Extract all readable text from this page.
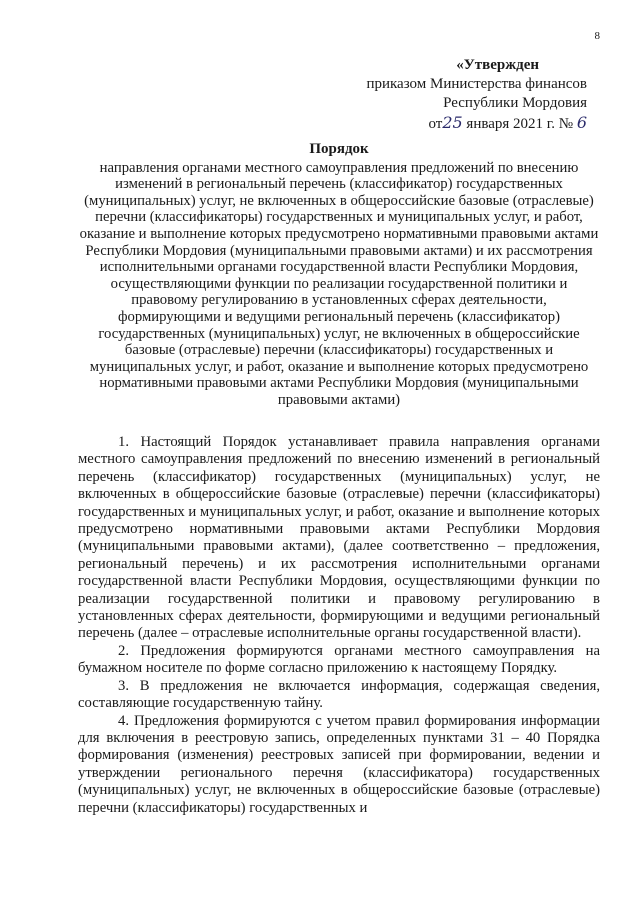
8
«Утвержден
приказом Министерства финансов
Республики Мордовия
от25 января 2021 г. № 6
Порядок
направления органами местного самоуправления предложений по внесению изменений в региональный перечень (классификатор) государственных (муниципальных) услуг, не включенных в общероссийские базовые (отраслевые) перечни (классификаторы) государственных и муниципальных услуг, и работ, оказание и выполнение которых предусмотрено нормативными правовыми актами Республики Мордовия (муниципальными правовыми актами) и их рассмотрения исполнительными органами государственной власти Республики Мордовия, осуществляющими функции по реализации государственной политики и правовому регулированию в установленных сферах деятельности, формирующими и ведущими региональный перечень (классификатор) государственных (муниципальных) услуг, не включенных в общероссийские базовые (отраслевые) перечни (классификаторы) государственных и муниципальных услуг, и работ, оказание и выполнение которых предусмотрено нормативными правовыми актами Республики Мордовия (муниципальными правовыми актами)

1. Настоящий Порядок устанавливает правила направления органами местного самоуправления предложений по внесению изменений в региональный перечень (классификатор) государственных (муниципальных) услуг, не включенных в общероссийские базовые (отраслевые) перечни (классификаторы) государственных и муниципальных услуг, и работ, оказание и выполнение которых предусмотрено нормативными правовыми актами Республики Мордовия (муниципальными правовыми актами), (далее соответственно – предложения, региональный перечень) и их рассмотрения исполнительными органами государственной власти Республики Мордовия, осуществляющими функции по реализации государственной политики и правовому регулированию в установленных сферах деятельности, формирующими и ведущими региональный перечень (далее – отраслевые исполнительные органы государственной власти).

2. Предложения формируются органами местного самоуправления на бумажном носителе по форме согласно приложению к настоящему Порядку.

3. В предложения не включается информация, содержащая сведения, составляющие государственную тайну.

4. Предложения формируются с учетом правил формирования информации для включения в реестровую запись, определенных пунктами 31 – 40 Порядка формирования (изменения) реестровых записей при формировании, ведении и утверждении регионального перечня (классификатора) государственных (муниципальных) услуг, не включенных в общероссийские базовые (отраслевые) перечни (классификаторы) государственных и
